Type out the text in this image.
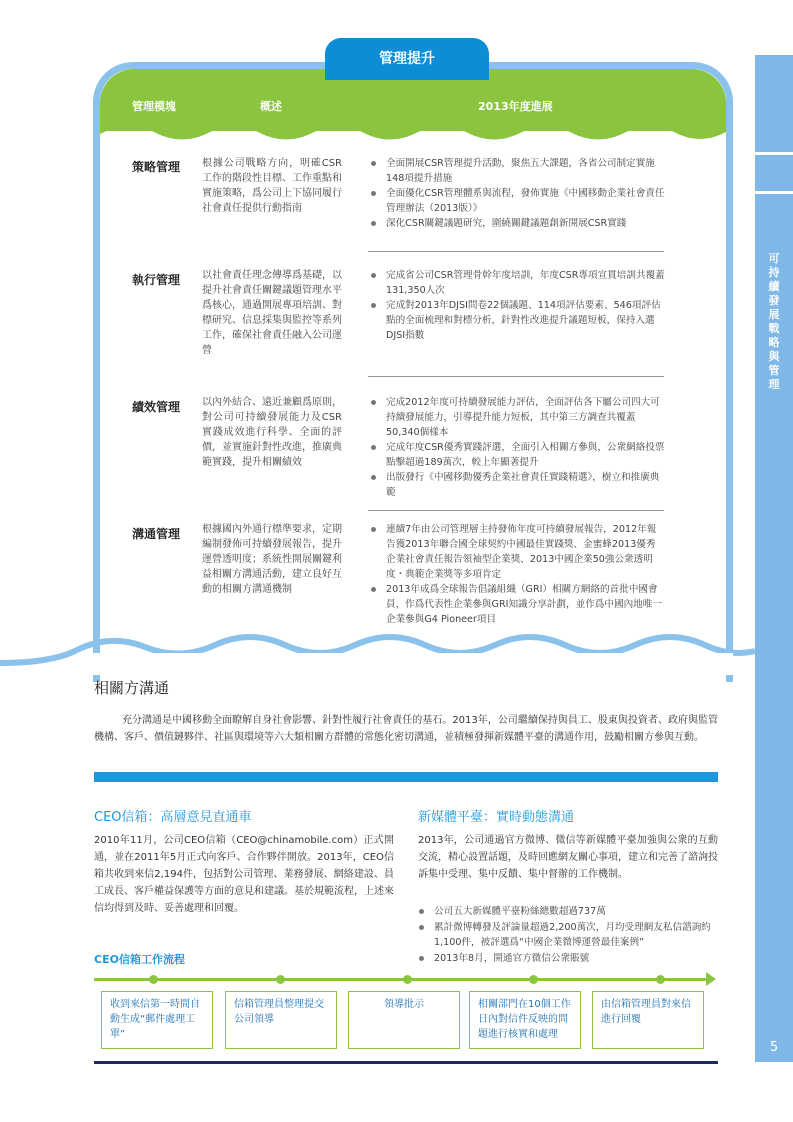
可
持
續
發
展
戰
略
與
管
理
5
管理提升
管理模塊	概述	2013年度進展
策略管理 根據公司戰略方向，明確CSR工作的階段性目標、工作重點和實施策略，爲公司上下協同履行社會責任提供行動指南
全面開展CSR管理提升活動，聚焦五大課題，各省公司制定實施148項提升措施
全面優化CSR管理體系與流程，發佈實施《中國移動企業社會責任管理辦法（2013版）》
深化CSR關鍵議題研究，圍繞關鍵議題創新開展CSR實踐
執行管理 以社會責任理念傳導爲基礎，以提升社會責任關鍵議題管理水平爲核心，通過開展專項培訓、對標研究、信息採集與監控等系列工作，確保社會責任融入公司運營
完成省公司CSR管理骨幹年度培訓，年度CSR專項宣貫培訓共覆蓋131,350人次
完成對2013年DJSI問卷22個議題、114項評估要素、546項評估點的全面梳理和對標分析，針對性改進提升議題短板，保持入選DJSI指數
績效管理 以內外結合、遠近兼顧爲原則，對公司可持續發展能力及CSR實踐成效進行科學、全面的評價，並實施針對性改進，推廣典範實踐，提升相關績效
完成2012年度可持續發展能力評估，全面評估各下屬公司四大可持續發展能力，引導提升能力短板，其中第三方調查共覆蓋50,340個樣本
完成年度CSR優秀實踐評選，全面引入相關方參與，公衆網絡投票點擊超過189萬次，較上年顯著提升
出版發行《中國移動優秀企業社會責任實踐精選》，樹立和推廣典範
溝通管理 根據國內外通行標準要求，定期編制發佈可持續發展報告，提升運營透明度；系統性開展關鍵利益相關方溝通活動，建立良好互動的相關方溝通機制
連續7年由公司管理層主持發佈年度可持續發展報告，2012年報告獲2013年聯合國全球契約中國最佳實踐獎、金蜜蜂2013優秀企業社會責任報告領袖型企業獎、2013中國企業50強公衆透明度・典範企業獎等多項肯定
2013年成爲全球報告倡議組織（GRI）相關方網絡的首批中國會員，作爲代表性企業參與GRI知識分享計劃，並作爲中國內地唯一企業參與G4 Pioneer項目
相關方溝通
充分溝通是中國移動全面瞭解自身社會影響、針對性履行社會責任的基石。2013年，公司繼續保持與員工、股東與投資者、政府與監管機構、客戶、價值鏈夥伴、社區與環境等六大類相關方群體的常態化密切溝通，並積極發揮新媒體平臺的溝通作用，鼓勵相關方參與互動。
CEO信箱：高層意見直通車
2010年11月，公司CEO信箱（CEO@chinamobile.com）正式開通，並在2011年5月正式向客戶、合作夥伴開放。2013年，CEO信箱共收到來信2,194件，包括對公司管理、業務發展、網絡建設、員工成長、客戶權益保護等方面的意見和建議。基於規範流程，上述來信均得到及時、妥善處理和回覆。
新媒體平臺：實時動態溝通
2013年，公司通過官方微博、微信等新媒體平臺加強與公衆的互動交流，精心設置話題，及時回應網友關心事項，建立和完善了諮詢投訴集中受理、集中反饋、集中督辦的工作機制。
公司五大新媒體平臺粉絲總數超過737萬
累計微博轉發及評論量超過2,200萬次，月均受理網友私信諮詢約1,100件，被評選爲“中國企業微博運營最佳案例”
2013年8月，開通官方微信公衆賬號
CEO信箱工作流程
收到來信第一時間自動生成“郵件處理工單”
信箱管理員整理提交公司領導
領導批示	相關部門在10個工作日內對信件反映的問題進行核實和處理
由信箱管理員對來信進行回覆
